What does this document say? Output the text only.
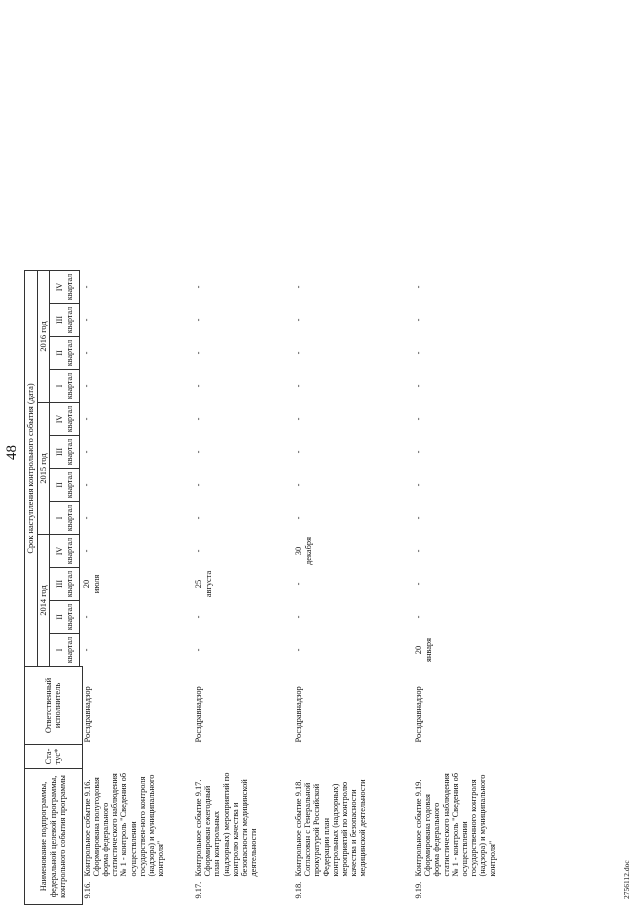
48
Наименование подпрограммы, федеральной целевой программы, контрольного события программы		Ста-тус*	Ответственный исполнитель	Срок наступления контрольного события (дата)											
				2014 год				2015 год				2016 год			
				I квартал	II квартал	III квартал	IV квартал	I квартал	II квартал	III квартал	IV квартал	I квартал	II квартал	III квартал	IV квартал

9.16.	Контрольное событие 9.16. Сформирована полугодовая форма федерального статистического наблюдения № 1 - контроль "Сведения об осуществлении государствен-ного контроля (надзора) и муниципального контроля"		Росздравнадзор	-	-	20 июля	-	-	-	-	-	-	-	-	-
9.17.	Контрольное событие 9.17. Сформирован ежегодный план контрольных (надзорных) мероприятий по контролю качества и безопасности медицинской деятельности		Росздравнадзор	-	-	25 августа	-	-	-	-	-	-	-	-	-
9.18.	Контрольное событие 9.18. Согласован с Генеральной прокуратурой Российской Федерации план контрольных (надзорных) мероприятий по контролю качества и безопасности медицинской деятельности		Росздравнадзор	-	-	-	30 декабря	-	-	-	-	-	-	-	-
9.19.	Контрольное событие 9.19. Сформирована годовая форма федерального статистического наблюдения № 1 - контроль "Сведения об осуществлении государственного контроля (надзора) и муниципального контроля"		Росздравнадзор	20 января	-	-	-	-	-	-	-	-	-	-	-
2756112.doc
